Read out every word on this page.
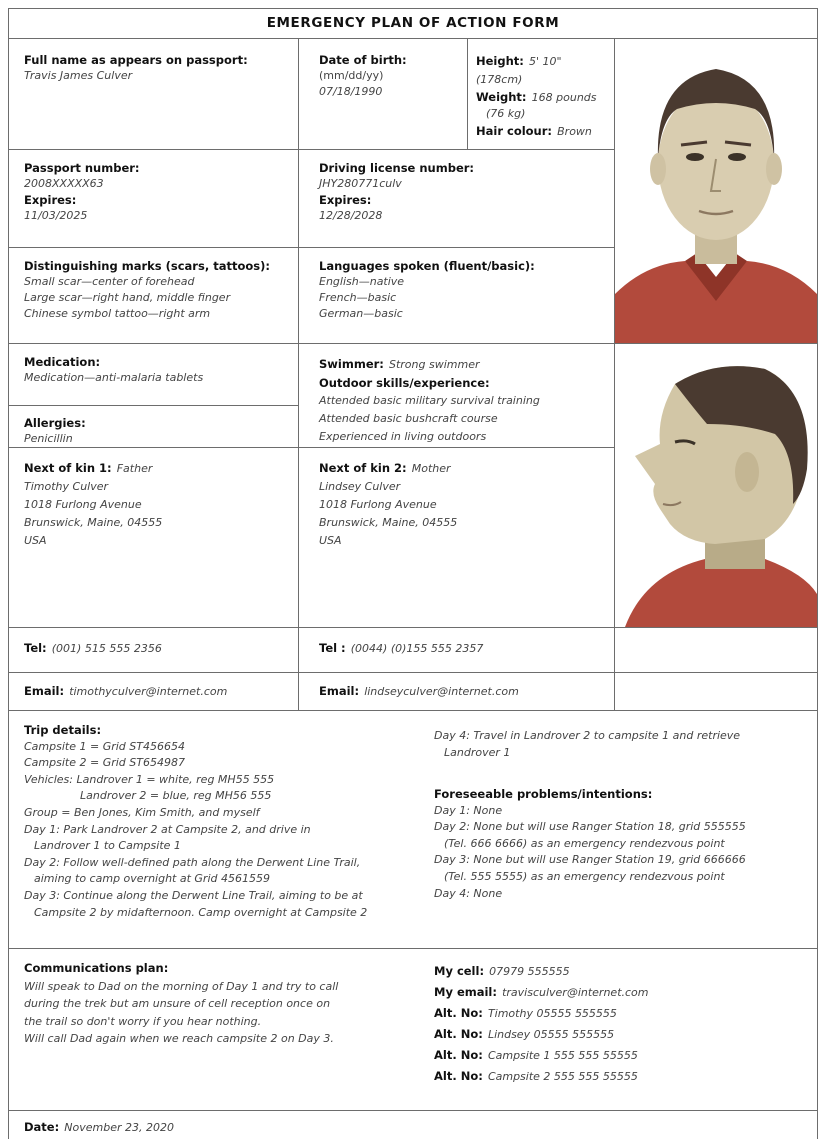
EMERGENCY PLAN OF ACTION FORM
Full name as appears on passport:
Travis James Culver
Date of birth:
(mm/dd/yy)
07/18/1990
Height: 5' 10" (178cm)
Weight: 168 pounds
(76 kg)
Hair colour: Brown
Passport number:
2008XXXXX63
Expires:
11/03/2025
Driving license number:
JHY280771culv
Expires:
12/28/2028
Distinguishing marks (scars, tattoos):
Small scar—center of forehead
Large scar—right hand, middle finger
Chinese symbol tattoo—right arm
Languages spoken (fluent/basic):
English—native
French—basic
German—basic
Medication:
Medication—anti-malaria tablets
Allergies:
Penicillin
Swimmer: Strong swimmer
Outdoor skills/experience:
Attended basic military survival training
Attended basic bushcraft course
Experienced in living outdoors
Next of kin 1: Father
Timothy Culver
1018 Furlong Avenue
Brunswick, Maine, 04555
USA
Next of kin 2: Mother
Lindsey Culver
1018 Furlong Avenue
Brunswick, Maine, 04555
USA
Tel: (001) 515 555 2356	Tel : (0044) (0)155 555 2357
Email: timothyculver@internet.com	Email: lindseyculver@internet.com
Trip details:
Campsite 1 = Grid ST456654
Campsite 2 = Grid ST654987
Vehicles: Landrover 1 = white, reg MH55 555
Landrover 2 = blue, reg MH56 555
Group = Ben Jones, Kim Smith, and myself
Day 1: Park Landrover 2 at Campsite 2, and drive in
Landrover 1 to Campsite 1
Day 2: Follow well-defined path along the Derwent Line Trail,
aiming to camp overnight at Grid 4561559
Day 3: Continue along the Derwent Line Trail, aiming to be at
Campsite 2 by midafternoon. Camp overnight at Campsite 2
Day 4: Travel in Landrover 2 to campsite 1 and retrieve
Landrover 1
Foreseeable problems/intentions:
Day 1: None
Day 2: None but will use Ranger Station 18, grid 555555
(Tel. 666 6666) as an emergency rendezvous point
Day 3: None but will use Ranger Station 19, grid 666666
(Tel. 555 5555) as an emergency rendezvous point
Day 4: None
Communications plan:
Will speak to Dad on the morning of Day 1 and try to call
during the trek but am unsure of cell reception once on
the trail so don't worry if you hear nothing.
Will call Dad again when we reach campsite 2 on Day 3.
My cell: 07979 555555
My email: travisculver@internet.com
Alt. No: Timothy 05555 555555
Alt. No: Lindsey 05555 555555
Alt. No: Campsite 1 555 555 55555
Alt. No: Campsite 2 555 555 55555
Date: November 23, 2020
